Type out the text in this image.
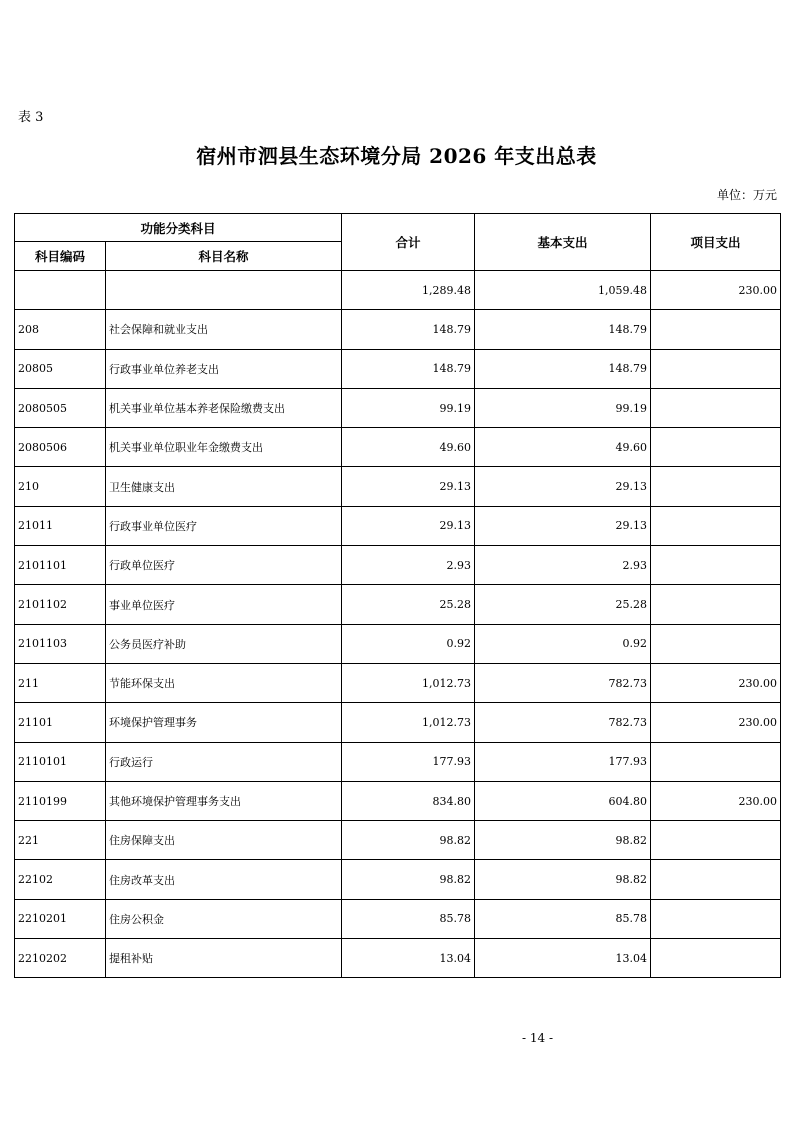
表 3
宿州市泗县生态环境分局 2026 年支出总表
单位：万元
功能分类科目		合计	基本支出	项目支出
科目编码	科目名称			
		1,289.48	1,059.48	230.00
208	社会保障和就业支出	148.79	148.79	
20805	行政事业单位养老支出	148.79	148.79	
2080505	机关事业单位基本养老保险缴费支出	99.19	99.19	
2080506	机关事业单位职业年金缴费支出	49.60	49.60	
210	卫生健康支出	29.13	29.13	
21011	行政事业单位医疗	29.13	29.13	
2101101	行政单位医疗	2.93	2.93	
2101102	事业单位医疗	25.28	25.28	
2101103	公务员医疗补助	0.92	0.92	
211	节能环保支出	1,012.73	782.73	230.00
21101	环境保护管理事务	1,012.73	782.73	230.00
2110101	行政运行	177.93	177.93	
2110199	其他环境保护管理事务支出	834.80	604.80	230.00
221	住房保障支出	98.82	98.82	
22102	住房改革支出	98.82	98.82	
2210201	住房公积金	85.78	85.78	
2210202	提租补贴	13.04	13.04	
- 14 -
